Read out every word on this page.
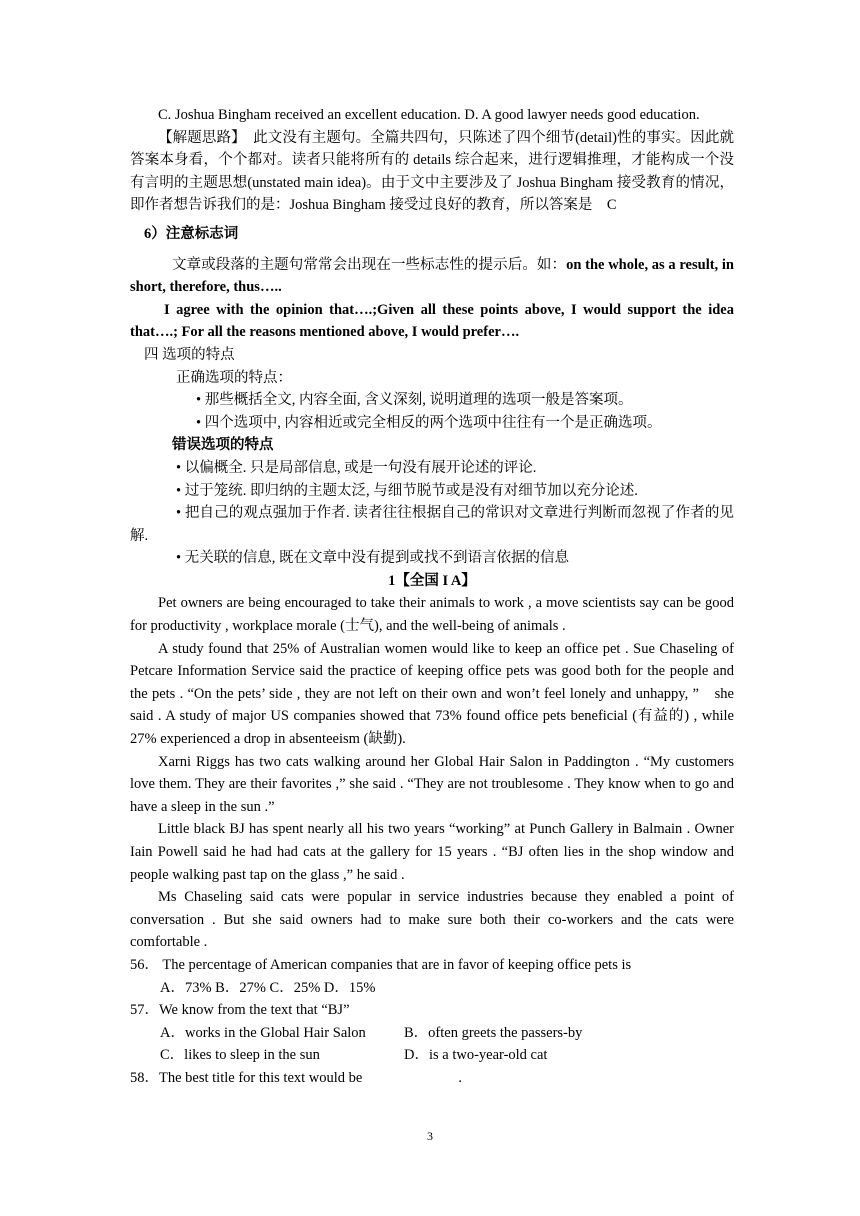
C. Joshua Bingham received an excellent education. D. A good lawyer needs good education.

【解题思路】　此文没有主题句。全篇共四句，只陈述了四个细节(detail)性的事实。因此就答案本身看，个个都对。读者只能将所有的 details 综合起来，进行逻辑推理，才能构成一个没有言明的主题思想(unstated main idea)。由于文中主要涉及了 Joshua Bingham 接受教育的情况，即作者想告诉我们的是：Joshua Bingham 接受过良好的教育，所以答案是　C

6）注意标志词

文章或段落的主题句常常会出现在一些标志性的提示后。如：on the whole, as a result, in short, therefore, thus…..

I agree with the opinion that….;Given all these points above, I would support the idea that….; For all the reasons mentioned above, I would prefer….

四 选项的特点

正确选项的特点：

• 那些概括全文, 内容全面, 含义深刻, 说明道理的选项一般是答案项。

• 四个选项中, 内容相近或完全相反的两个选项中往往有一个是正确选项。

错误选项的特点

• 以偏概全. 只是局部信息, 或是一句没有展开论述的评论.

• 过于笼统. 即归纳的主题太泛, 与细节脱节或是没有对细节加以充分论述.

• 把自己的观点强加于作者. 读者往往根据自己的常识对文章进行判断而忽视了作者的见解.

• 无关联的信息, 既在文章中没有提到或找不到语言依据的信息

1【全国 I A】

Pet owners are being encouraged to take their animals to work , a move scientists say can be good for productivity , workplace morale (士气), and the well-being of animals .

A study found that 25% of Australian women would like to keep an office pet . Sue Chaseling of Petcare Information Service said the practice of keeping office pets was good both for the people and the pets . “On the pets’ side , they are not left on their own and won’t feel lonely and unhappy, ”　she said . A study of major US companies showed that 73% found office pets beneficial (有益的) , while 27% experienced a drop in absenteeism (缺勤).

Xarni Riggs has two cats walking around her Global Hair Salon in Paddington . “My customers love them. They are their favorites ,” she said . “They are not troublesome . They know when to go and have a sleep in the sun .”

Little black BJ has spent nearly all his two years “working” at Punch Gallery in Balmain . Owner Iain Powell said he had had cats at the gallery for 15 years . “BJ often lies in the shop window and people walking past tap on the glass ,” he said .

Ms Chaseling said cats were popular in service industries because they enabled a point of conversation . But she said owners had to make sure both their co-workers and the cats were comfortable .

56． The percentage of American companies that are in favor of keeping office pets is

A．73% B．27% C．25% D．15%

57．We know from the text that “BJ”

A．works in the Global Hair Salon	B．often greets the passers-by
C．likes to sleep in the sun	D．is a two-year-old cat

58．The best title for this text would be	.

3
